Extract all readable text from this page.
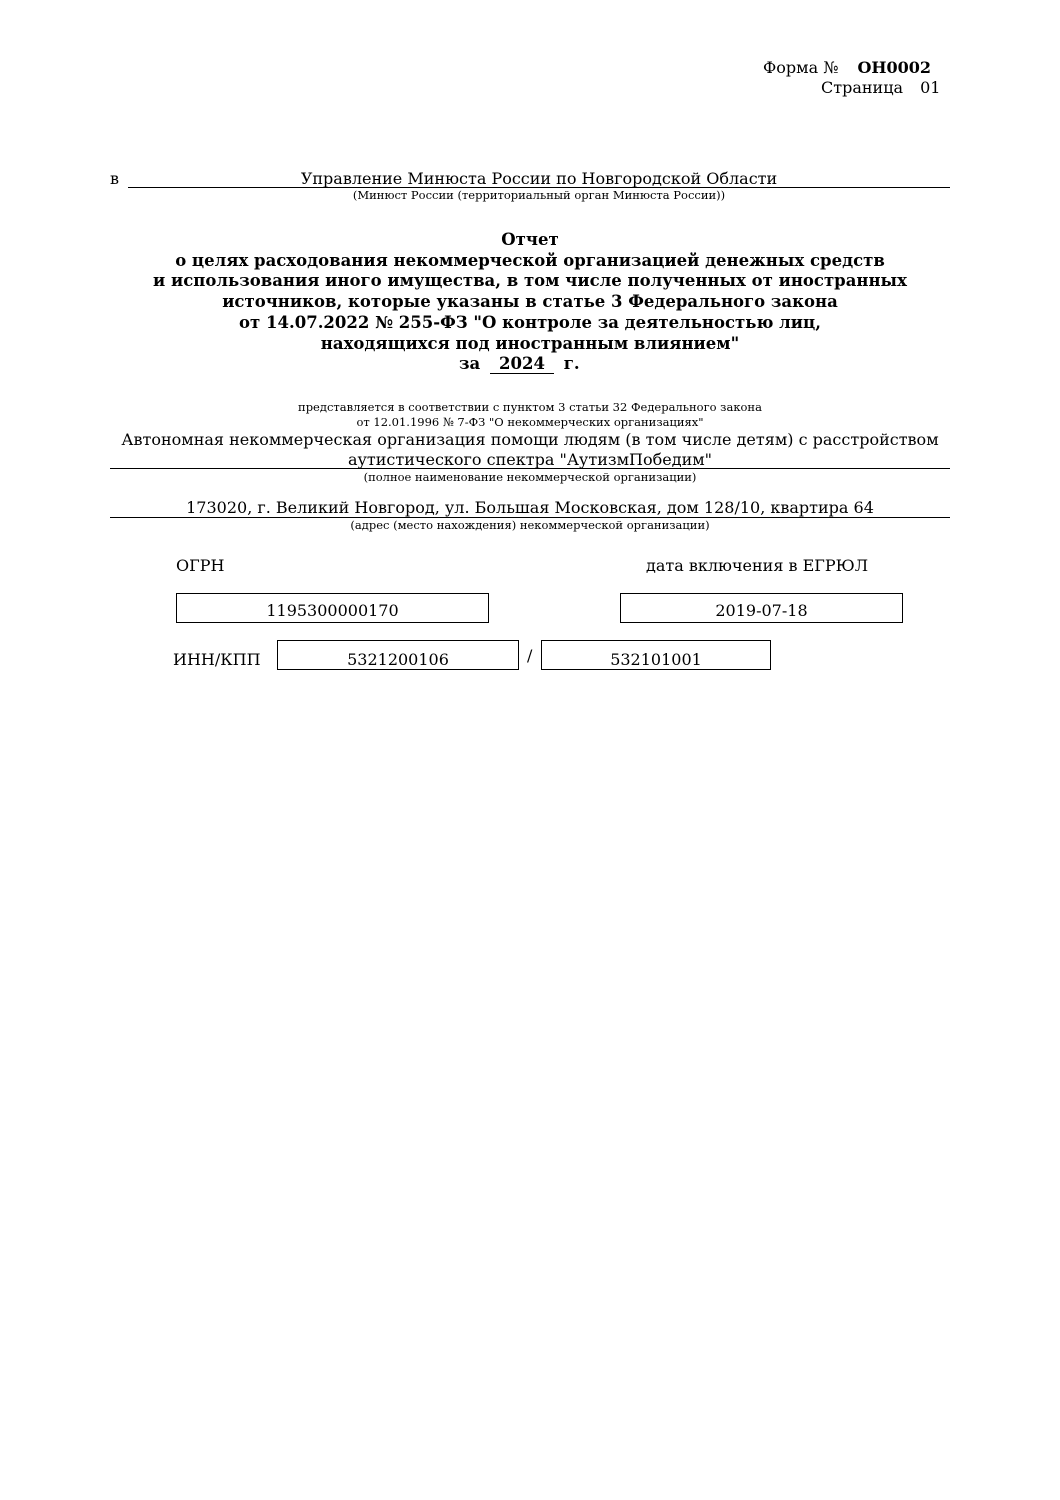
Форма № ОН0002
Страница 01
в	Управление Минюста России по Новгородской Области
(Минюст России (территориальный орган Минюста России))
Отчет
о целях расходования некоммерческой организацией денежных средств
и использования иного имущества, в том числе полученных от иностранных
источников, которые указаны в статье 3 Федерального закона
от 14.07.2022 № 255-ФЗ "О контроле за деятельностью лиц,
находящихся под иностранным влиянием"
за 2024 г.
представляется в соответствии с пунктом 3 статьи 32 Федерального закона
от 12.01.1996 № 7-ФЗ "О некоммерческих организациях"
Автономная некоммерческая организация помощи людям (в том числе детям) с расстройством
аутистического спектра "АутизмПобедим"
(полное наименование некоммерческой организации)
173020, г. Великий Новгород, ул. Большая Московская, дом 128/10, квартира 64
(адрес (место нахождения) некоммерческой организации)
ОГРН	дата включения в ЕГРЮЛ
1195300000170	2019-07-18
ИНН/КПП	5321200106	/	532101001
